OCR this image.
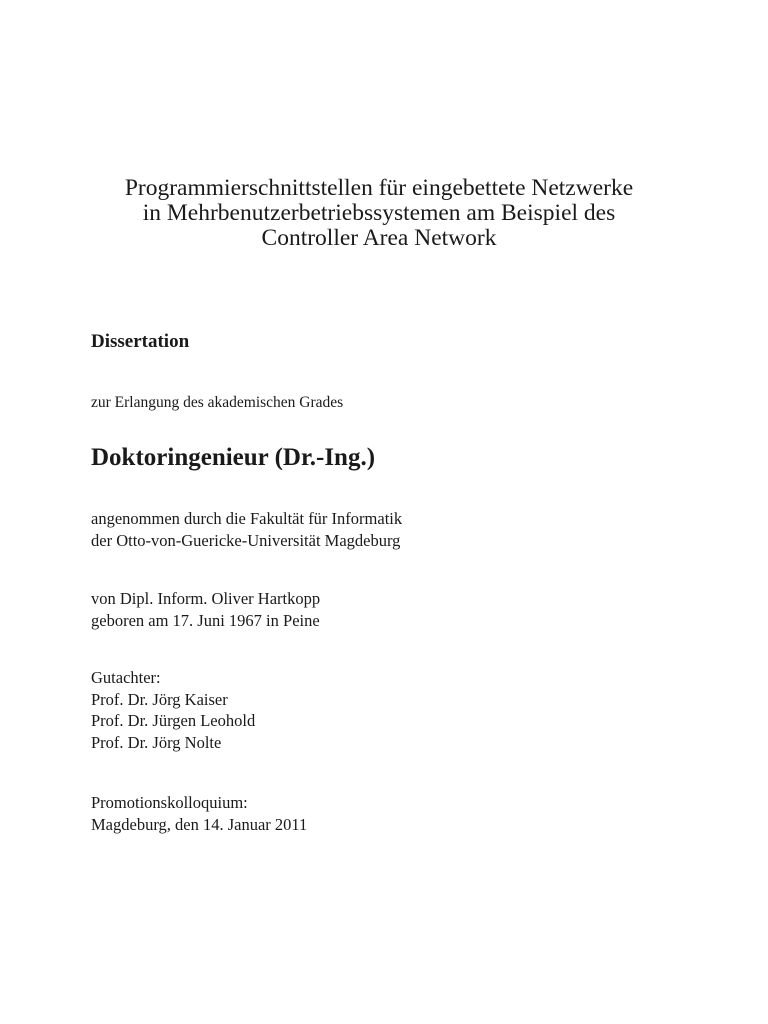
Programmierschnittstellen für eingebettete Netzwerke
in Mehrbenutzerbetriebssystemen am Beispiel des
Controller Area Network
Dissertation
zur Erlangung des akademischen Grades
Doktoringenieur (Dr.-Ing.)
angenommen durch die Fakultät für Informatik
der Otto-von-Guericke-Universität Magdeburg
von Dipl. Inform. Oliver Hartkopp
geboren am 17. Juni 1967 in Peine
Gutachter:
Prof. Dr. Jörg Kaiser
Prof. Dr. Jürgen Leohold
Prof. Dr. Jörg Nolte
Promotionskolloquium:
Magdeburg, den 14. Januar 2011
